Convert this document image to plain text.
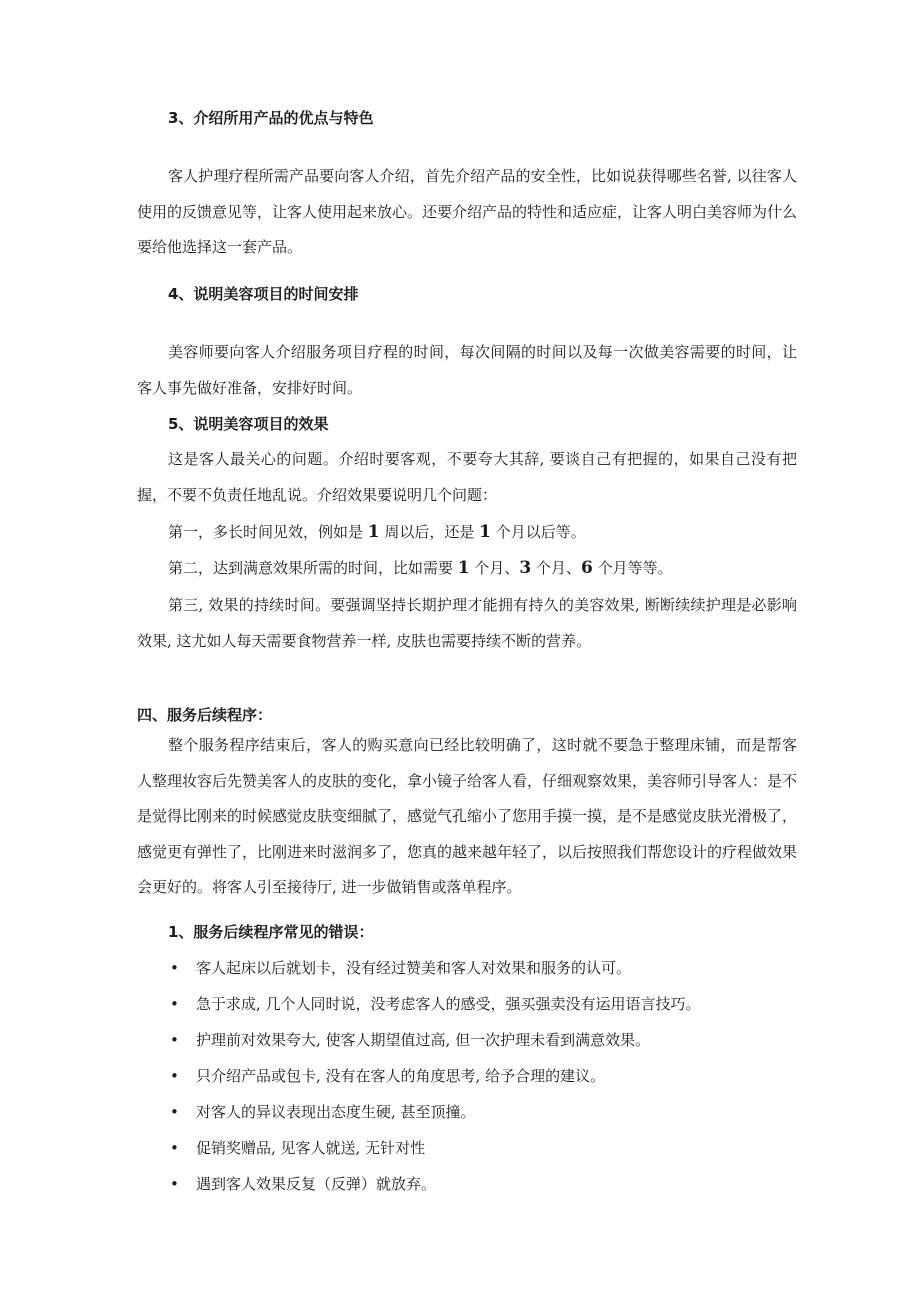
3、介绍所用产品的优点与特色

客人护理疗程所需产品要向客人介绍，首先介绍产品的安全性，比如说获得哪些名誉, 以往客人使用的反馈意见等，让客人使用起来放心。还要介绍产品的特性和适应症，让客人明白美容师为什么要给他选择这一套产品。

4、说明美容项目的时间安排

美容师要向客人介绍服务项目疗程的时间，每次间隔的时间以及每一次做美容需要的时间，让客人事先做好准备，安排好时间。

5、说明美容项目的效果

这是客人最关心的问题。介绍时要客观，不要夸大其辞, 要谈自己有把握的，如果自己没有把握，不要不负责任地乱说。介绍效果要说明几个问题：

第一，多长时间见效，例如是 1 周以后，还是 1 个月以后等。

第二，达到满意效果所需的时间，比如需要 1 个月、3 个月、6 个月等等。

第三, 效果的持续时间。要强调坚持长期护理才能拥有持久的美容效果, 断断续续护理是必影响效果, 这尤如人每天需要食物营养一样, 皮肤也需要持续不断的营养。

四、服务后续程序：

整个服务程序结束后，客人的购买意向已经比较明确了，这时就不要急于整理床铺，而是帮客人整理妆容后先赞美客人的皮肤的变化，拿小镜子给客人看，仔细观察效果，美容师引导客人：是不是觉得比刚来的时候感觉皮肤变细腻了，感觉气孔缩小了您用手摸一摸，是不是感觉皮肤光滑极了，感觉更有弹性了，比刚进来时滋润多了，您真的越来越年轻了，以后按照我们帮您设计的疗程做效果会更好的。将客人引至接待厅, 进一步做销售或落单程序。

1、服务后续程序常见的错误：
• 客人起床以后就划卡，没有经过赞美和客人对效果和服务的认可。
• 急于求成, 几个人同时说，没考虑客人的感受，强买强卖没有运用语言技巧。
• 护理前对效果夸大, 使客人期望值过高, 但一次护理未看到满意效果。
• 只介绍产品或包卡, 没有在客人的角度思考, 给予合理的建议。
• 对客人的异议表现出态度生硬, 甚至顶撞。
• 促销奖赠品, 见客人就送, 无针对性
• 遇到客人效果反复（反弹）就放弃。
